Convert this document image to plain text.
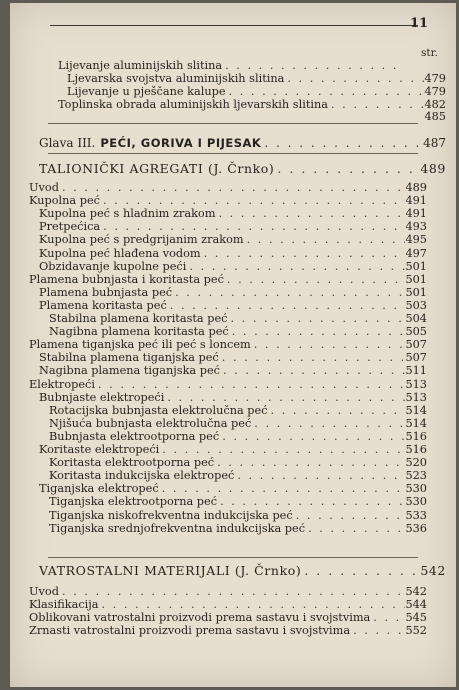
11
str.
Lijevanje aluminijskih slitina
. . .
Ljevarska svojstva aluminijskih slitina . . .	479
Lijevanje u pješčane kalupe . . .	479
Toplinska obrada aluminijskih ljevarskih slitina . . .	482
485
Glava III. PEĆI, GORIVA I PIJESAK . . .	487
TALIONIČKI AGREGATI (J. Črnko) . . .	489
Uvod . . .	489
Kupolna peć . . .	491
Kupolna peć s hladnim zrakom . . .	491
Pretpećica . . .	493
Kupolna peć s predgrijanim zrakom . . .	495
Kupolna peć hlađena vodom . . .	497
Obzidavanje kupolne peći . . .	501
Plamena bubnjasta i koritasta peć . . .	501
Plamena bubnjasta peć . . .	501
Plamena koritasta peć . . .	503
Stabilna plamena koritasta peć . . .	504
Nagibna plamena koritasta peć . . .	505
Plamena tiganjska peć ili peć s loncem . . .	507
Stabilna plamena tiganjska peć . . .	507
Nagibna plamena tiganjska peć . . .	511
Elektropeći . . .	513
Bubnjaste elektropeći . . .	513
Rotacijska bubnjasta elektrolučna peć . . .	514
Njišuća bubnjasta elektrolučna peć . . .	514
Bubnjasta elektrootporna peć . . .	516
Koritaste elektropeći . . .	516
Koritasta elektrootporna peć . . .	520
Koritasta indukcijska elektropeć . . .	523
Tiganjska elektropeć . . .	530
Tiganjska elektrootporna peć . . .	530
Tiganjska niskofrekventna indukcijska peć . . .	533
Tiganjska srednjofrekventna indukcijska peć . . .	536
VATROSTALNI MATERIJALI (J. Črnko) . . .	542
Uvod . . .	542
Klasifikacija . . .	544
Oblikovani vatrostalni proizvodi prema sastavu i svojstvima . . .	545
Zrnasti vatrostalni proizvodi prema sastavu i svojstvima . . .	552
